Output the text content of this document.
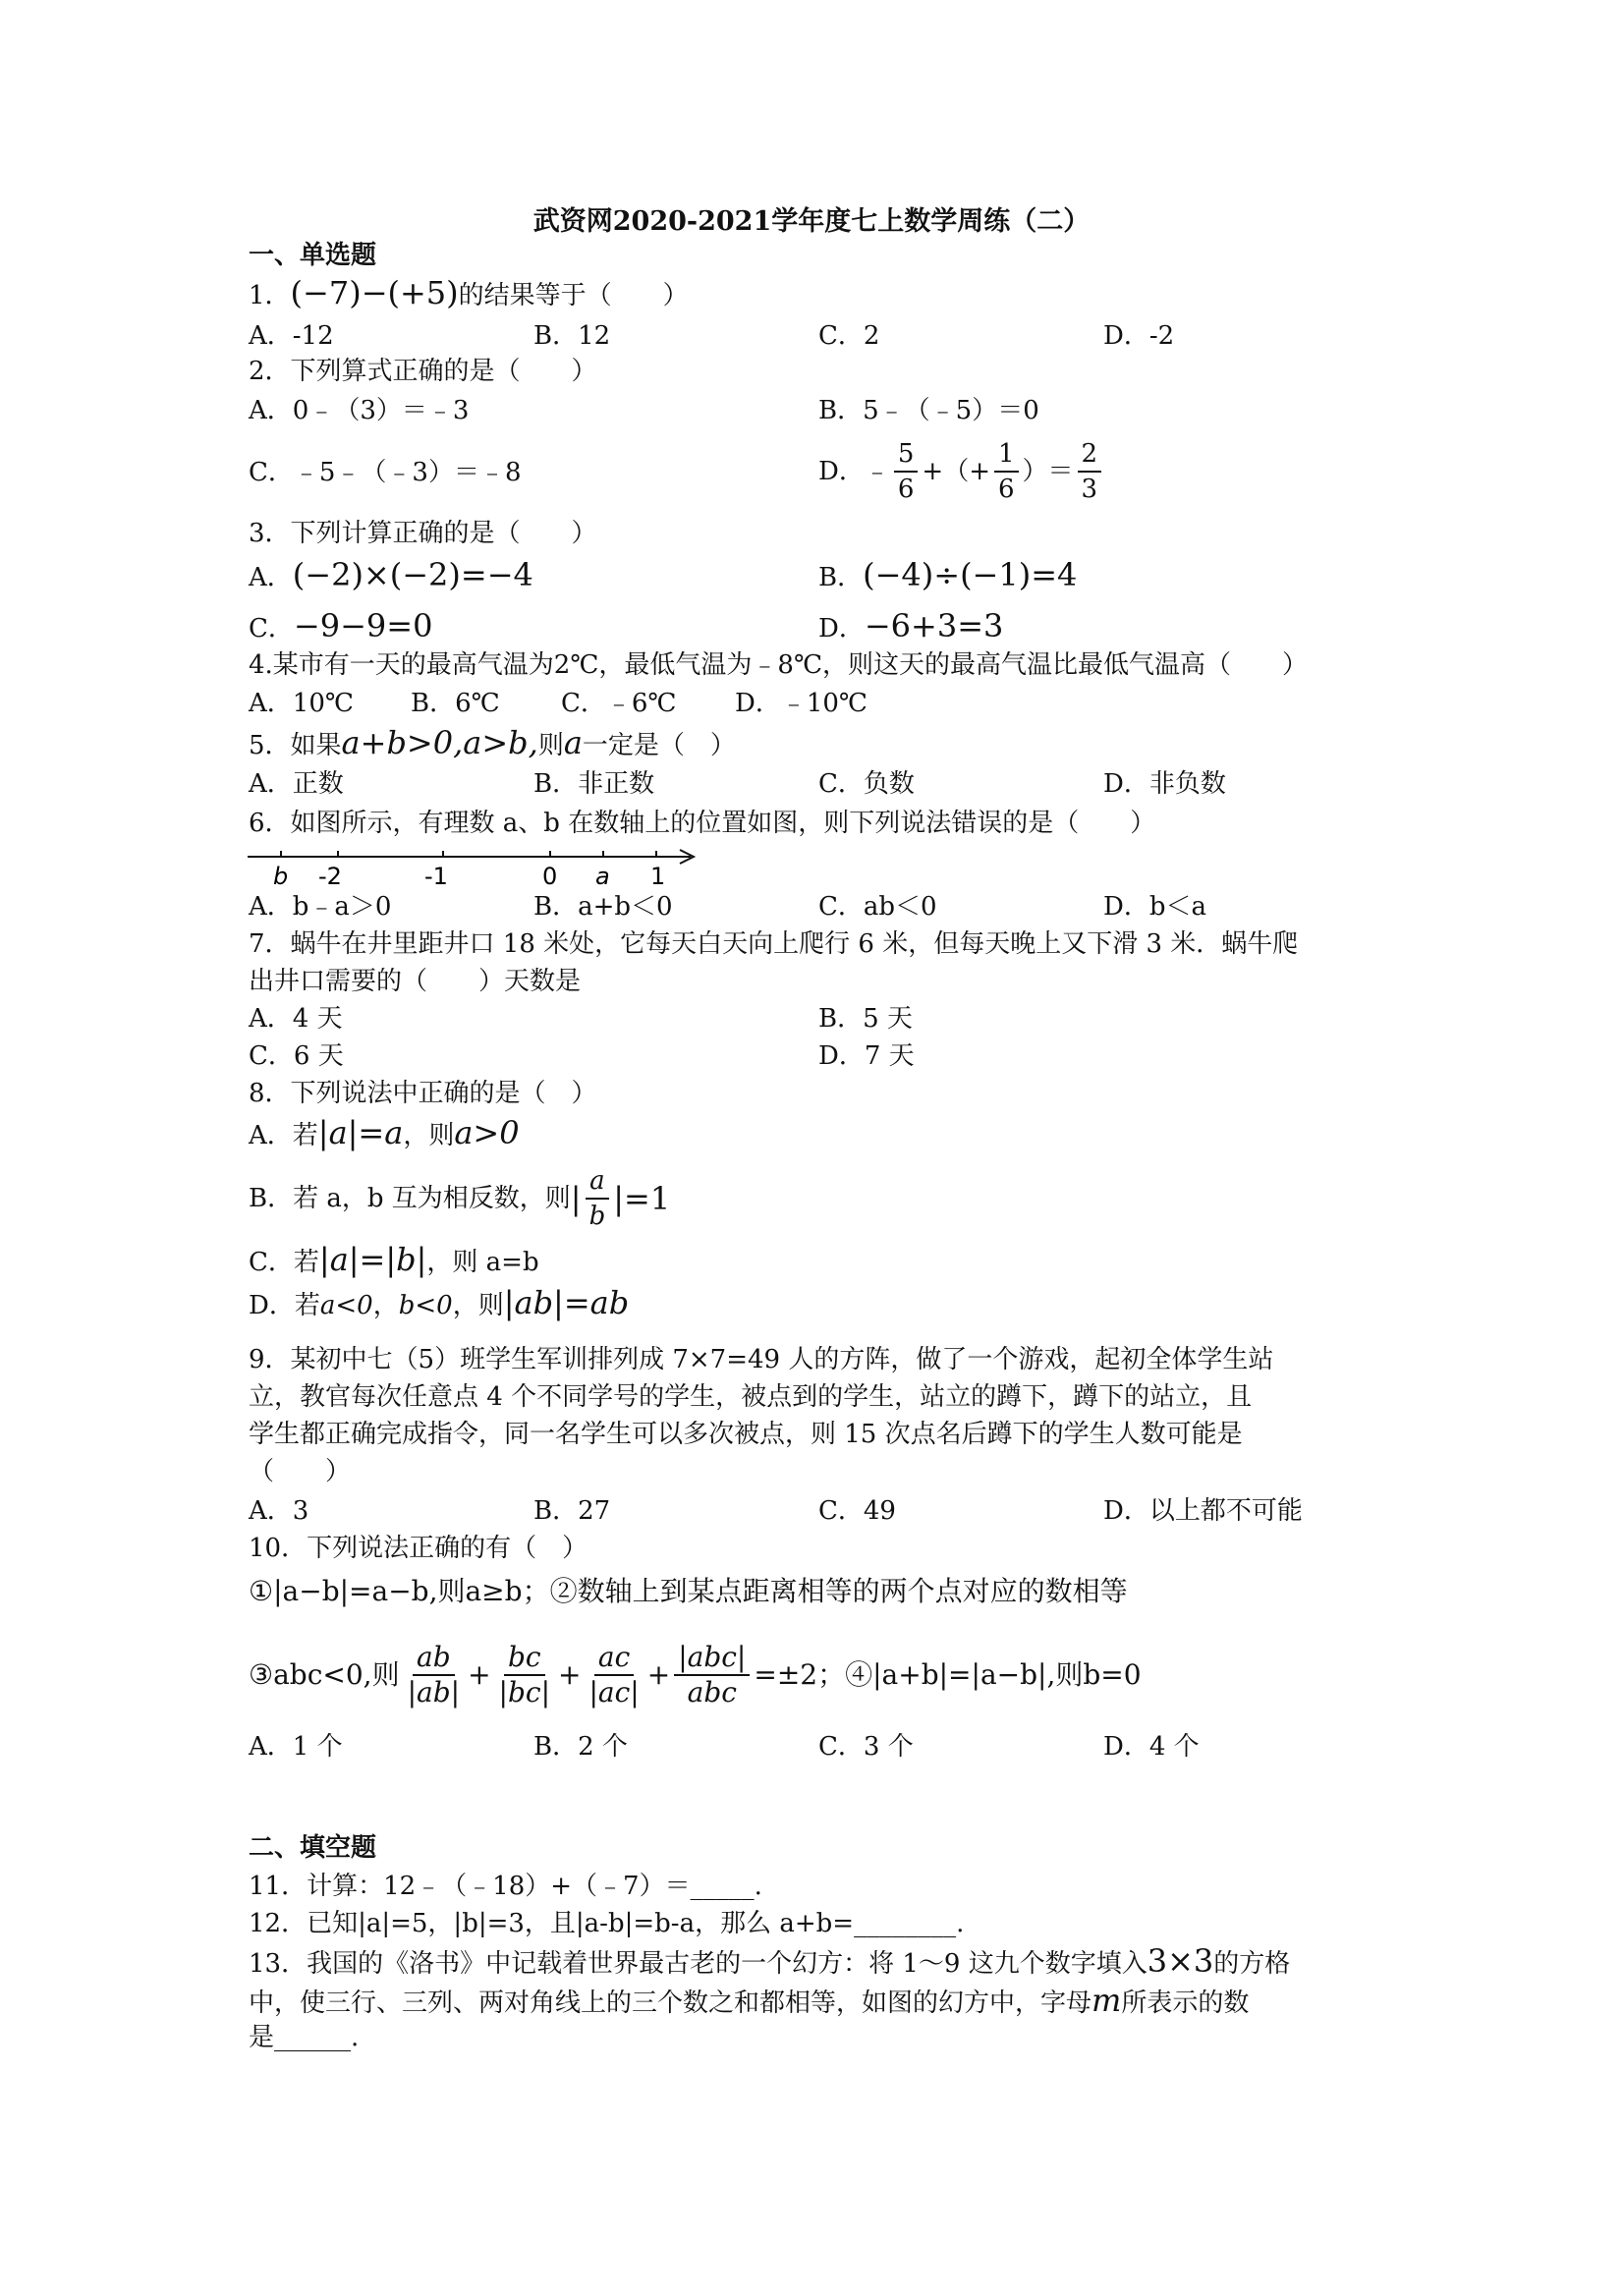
武资网2020-2021学年度七上数学周练（二）
一、单选题
1．(−7)−(+5)的结果等于（　　）
A．-12	B．12	C．2	D．-2
2．下列算式正确的是（　　）
A．0﹣（3）＝﹣3	B．5﹣（﹣5）＝0
C．﹣5﹣（﹣3）＝﹣8	D．﹣ $\frac{5}{6}$ +（+ $\frac{1}{6}$ ）＝ $\frac{2}{3}$
3．下列计算正确的是（　　）
A．(−2)×(−2)=−4	B．(−4)÷(−1)=4
C．−9−9=0	D．−6+3=3
4.某市有一天的最高气温为2℃，最低气温为﹣8℃，则这天的最高气温比最低气温高（　　）
A．10℃ B．6℃ C．﹣6℃ D．﹣10℃
5．如果a+b>0,a>b,则a一定是（　）
A．正数	B．非正数	C．负数	D．非负数
6．如图所示，有理数 a、b 在数轴上的位置如图，则下列说法错误的是（　　）
b -2	-1	0 a 1
A．b﹣a＞0	B．a+b＜0	C．ab＜0	D．b＜a
7．蜗牛在井里距井口 18 米处，它每天白天向上爬行 6 米，但每天晚上又下滑 3 米．蜗牛爬
出井口需要的（　　）天数是
A．4 天	B．5 天
C．6 天	D．7 天
8．下列说法中正确的是（　）
A．若|a|=a，则a>0
B．若 a，b 互为相反数，则 | $\frac{a}{b} |=1$
C．若|a|=|b|，则 a=b
D．若a<0，b<0，则|ab|=ab
9．某初中七（5）班学生军训排列成 7×7=49 人的方阵，做了一个游戏，起初全体学生站
立，教官每次任意点 4 个不同学号的学生，被点到的学生，站立的蹲下，蹲下的站立，且
学生都正确完成指令，同一名学生可以多次被点，则 15 次点名后蹲下的学生人数可能是
（　　）
A．3	B．27	C．49	D．以上都不可能
10．下列说法正确的有（　）
①|a−b|=a−b,则a≥b；②数轴上到某点距离相等的两个点对应的数相等
③abc<0,则 $\frac{ab}{|ab|} + \frac{bc}{|bc|} + \frac{ac}{|ac|} + \frac{\text{|abc|}}{\text{abc}} =\pm 2$；④|a+b|=|a−b|,则b=0
A．1 个	B．2 个	C．3 个	D．4 个
二、填空题
11．计算：12﹣（﹣18）+（﹣7）＝_____.
12．已知|a|=5，|b|=3，且|a-b|=b-a，那么 a+b=________.
13．我国的《洛书》中记载着世界最古老的一个幻方：将 1～9 这九个数字填入3×3的方格
中，使三行、三列、两对角线上的三个数之和都相等，如图的幻方中，字母m所表示的数
是______.
